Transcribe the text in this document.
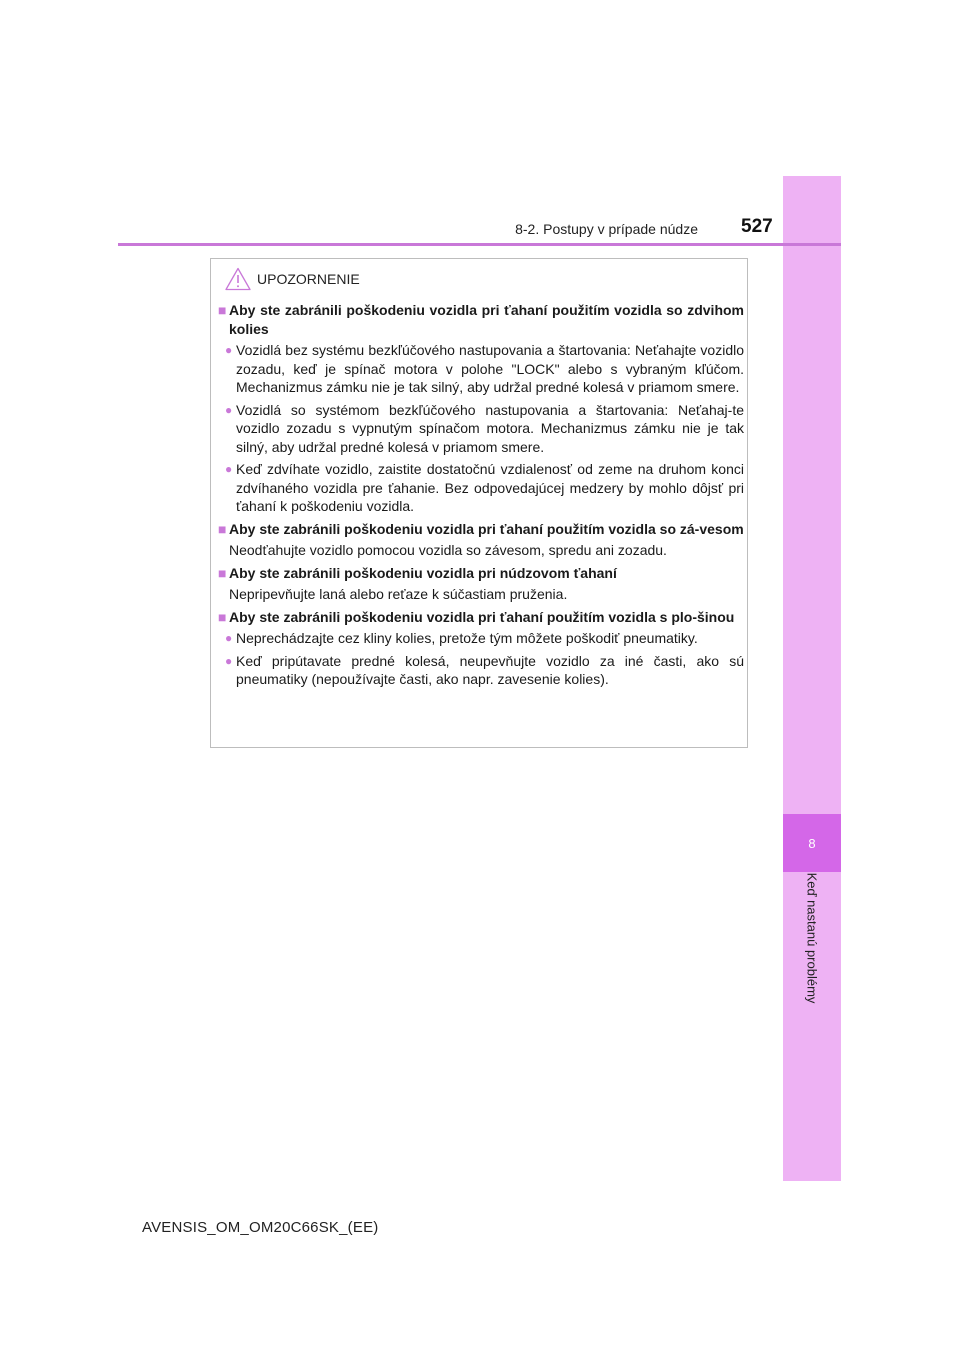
8
Keď nastanú problémy
8-2. Postupy v prípade núdze 527
UPOZORNENIE
■ Aby ste zabránili poškodeniu vozidla pri ťahaní použitím vozidla so zdvihom kolies
● Vozidlá bez systému bezkľúčového nastupovania a štartovania: Neťahajte vozidlo zozadu, keď je spínač motora v polohe "LOCK" alebo s vybraným kľúčom. Mechanizmus zámku nie je tak silný, aby udržal predné kolesá v priamom smere.
● Vozidlá so systémom bezkľúčového nastupovania a štartovania: Neťahaj-te vozidlo zozadu s vypnutým spínačom motora. Mechanizmus zámku nie je tak silný, aby udržal predné kolesá v priamom smere.
● Keď zdvíhate vozidlo, zaistite dostatočnú vzdialenosť od zeme na druhom konci zdvíhaného vozidla pre ťahanie. Bez odpovedajúcej medzery by mohlo dôjsť pri ťahaní k poškodeniu vozidla.
■ Aby ste zabránili poškodeniu vozidla pri ťahaní použitím vozidla so zá-vesom
Neodťahujte vozidlo pomocou vozidla so závesom, spredu ani zozadu.
■ Aby ste zabránili poškodeniu vozidla pri núdzovom ťahaní
Nepripevňujte laná alebo reťaze k súčastiam pruženia.
■ Aby ste zabránili poškodeniu vozidla pri ťahaní použitím vozidla s plo-šinou
● Neprechádzajte cez kliny kolies, pretože tým môžete poškodiť pneumatiky.
● Keď pripútavate predné kolesá, neupevňujte vozidlo za iné časti, ako sú pneumatiky (nepoužívajte časti, ako napr. zavesenie kolies).
AVENSIS_OM_OM20C66SK_(EE)
